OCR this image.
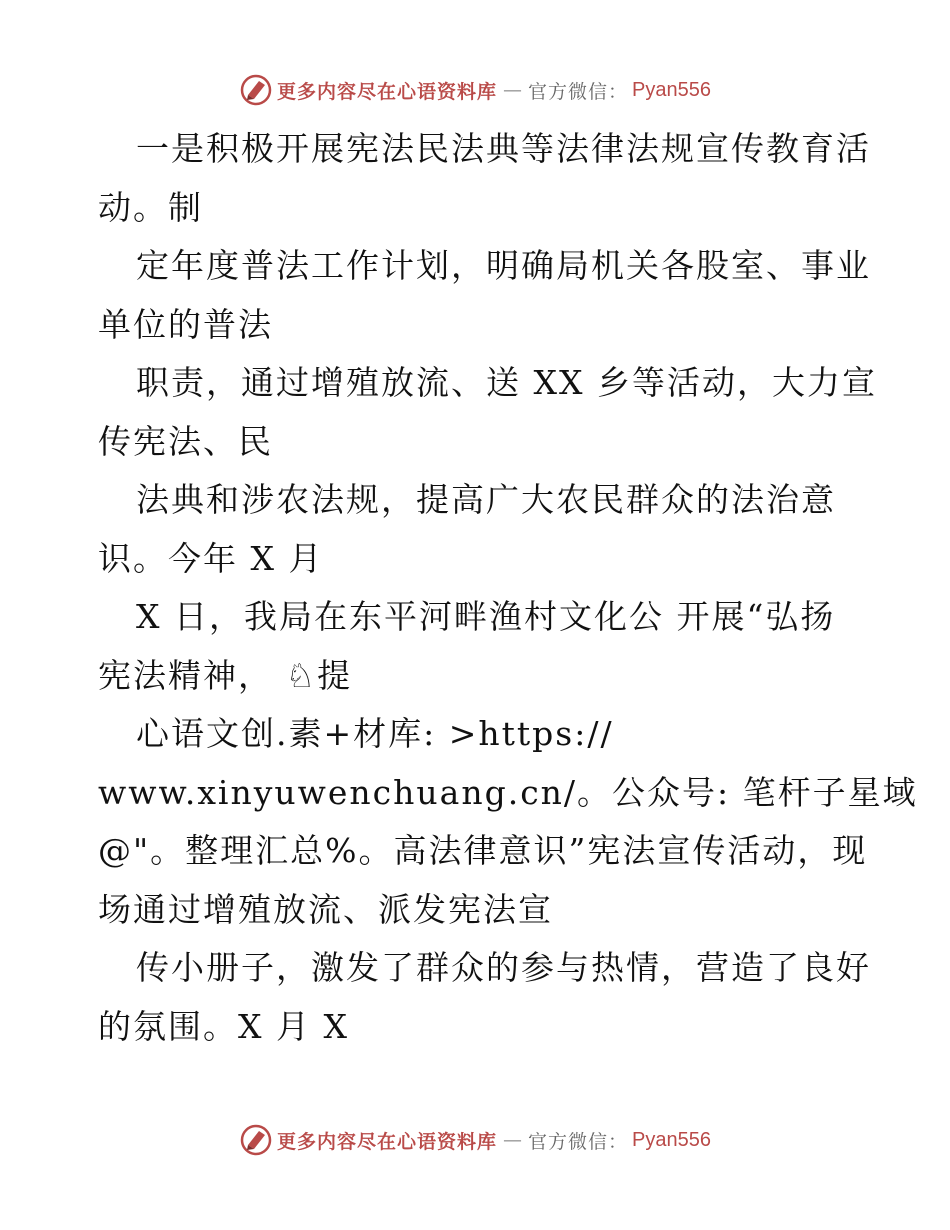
更多内容尽在心语资料库 — 官方微信： Pyan556
一是积极开展宪法民法典等法律法规宣传教育活
动。制
定年度普法工作计划，明确局机关各股室、事业
单位的普法
职责，通过增殖放流、送 XX 乡等活动，大力宣
传宪法、民
法典和涉农法规，提高广大农民群众的法治意
识。今年 X 月
X 日，我局在东平河畔渔村文化公 开展“弘扬
宪法精神， ♘提
心语文创.素+材库: >https://
www.xinyuwenchuang.cn/。公众号: 笔杆子星域
@"。整理汇总%。高法律意识”宪法宣传活动，现
场通过增殖放流、派发宪法宣
传小册子，激发了群众的参与热情，营造了良好
的氛围。X 月 X
更多内容尽在心语资料库 — 官方微信： Pyan556
